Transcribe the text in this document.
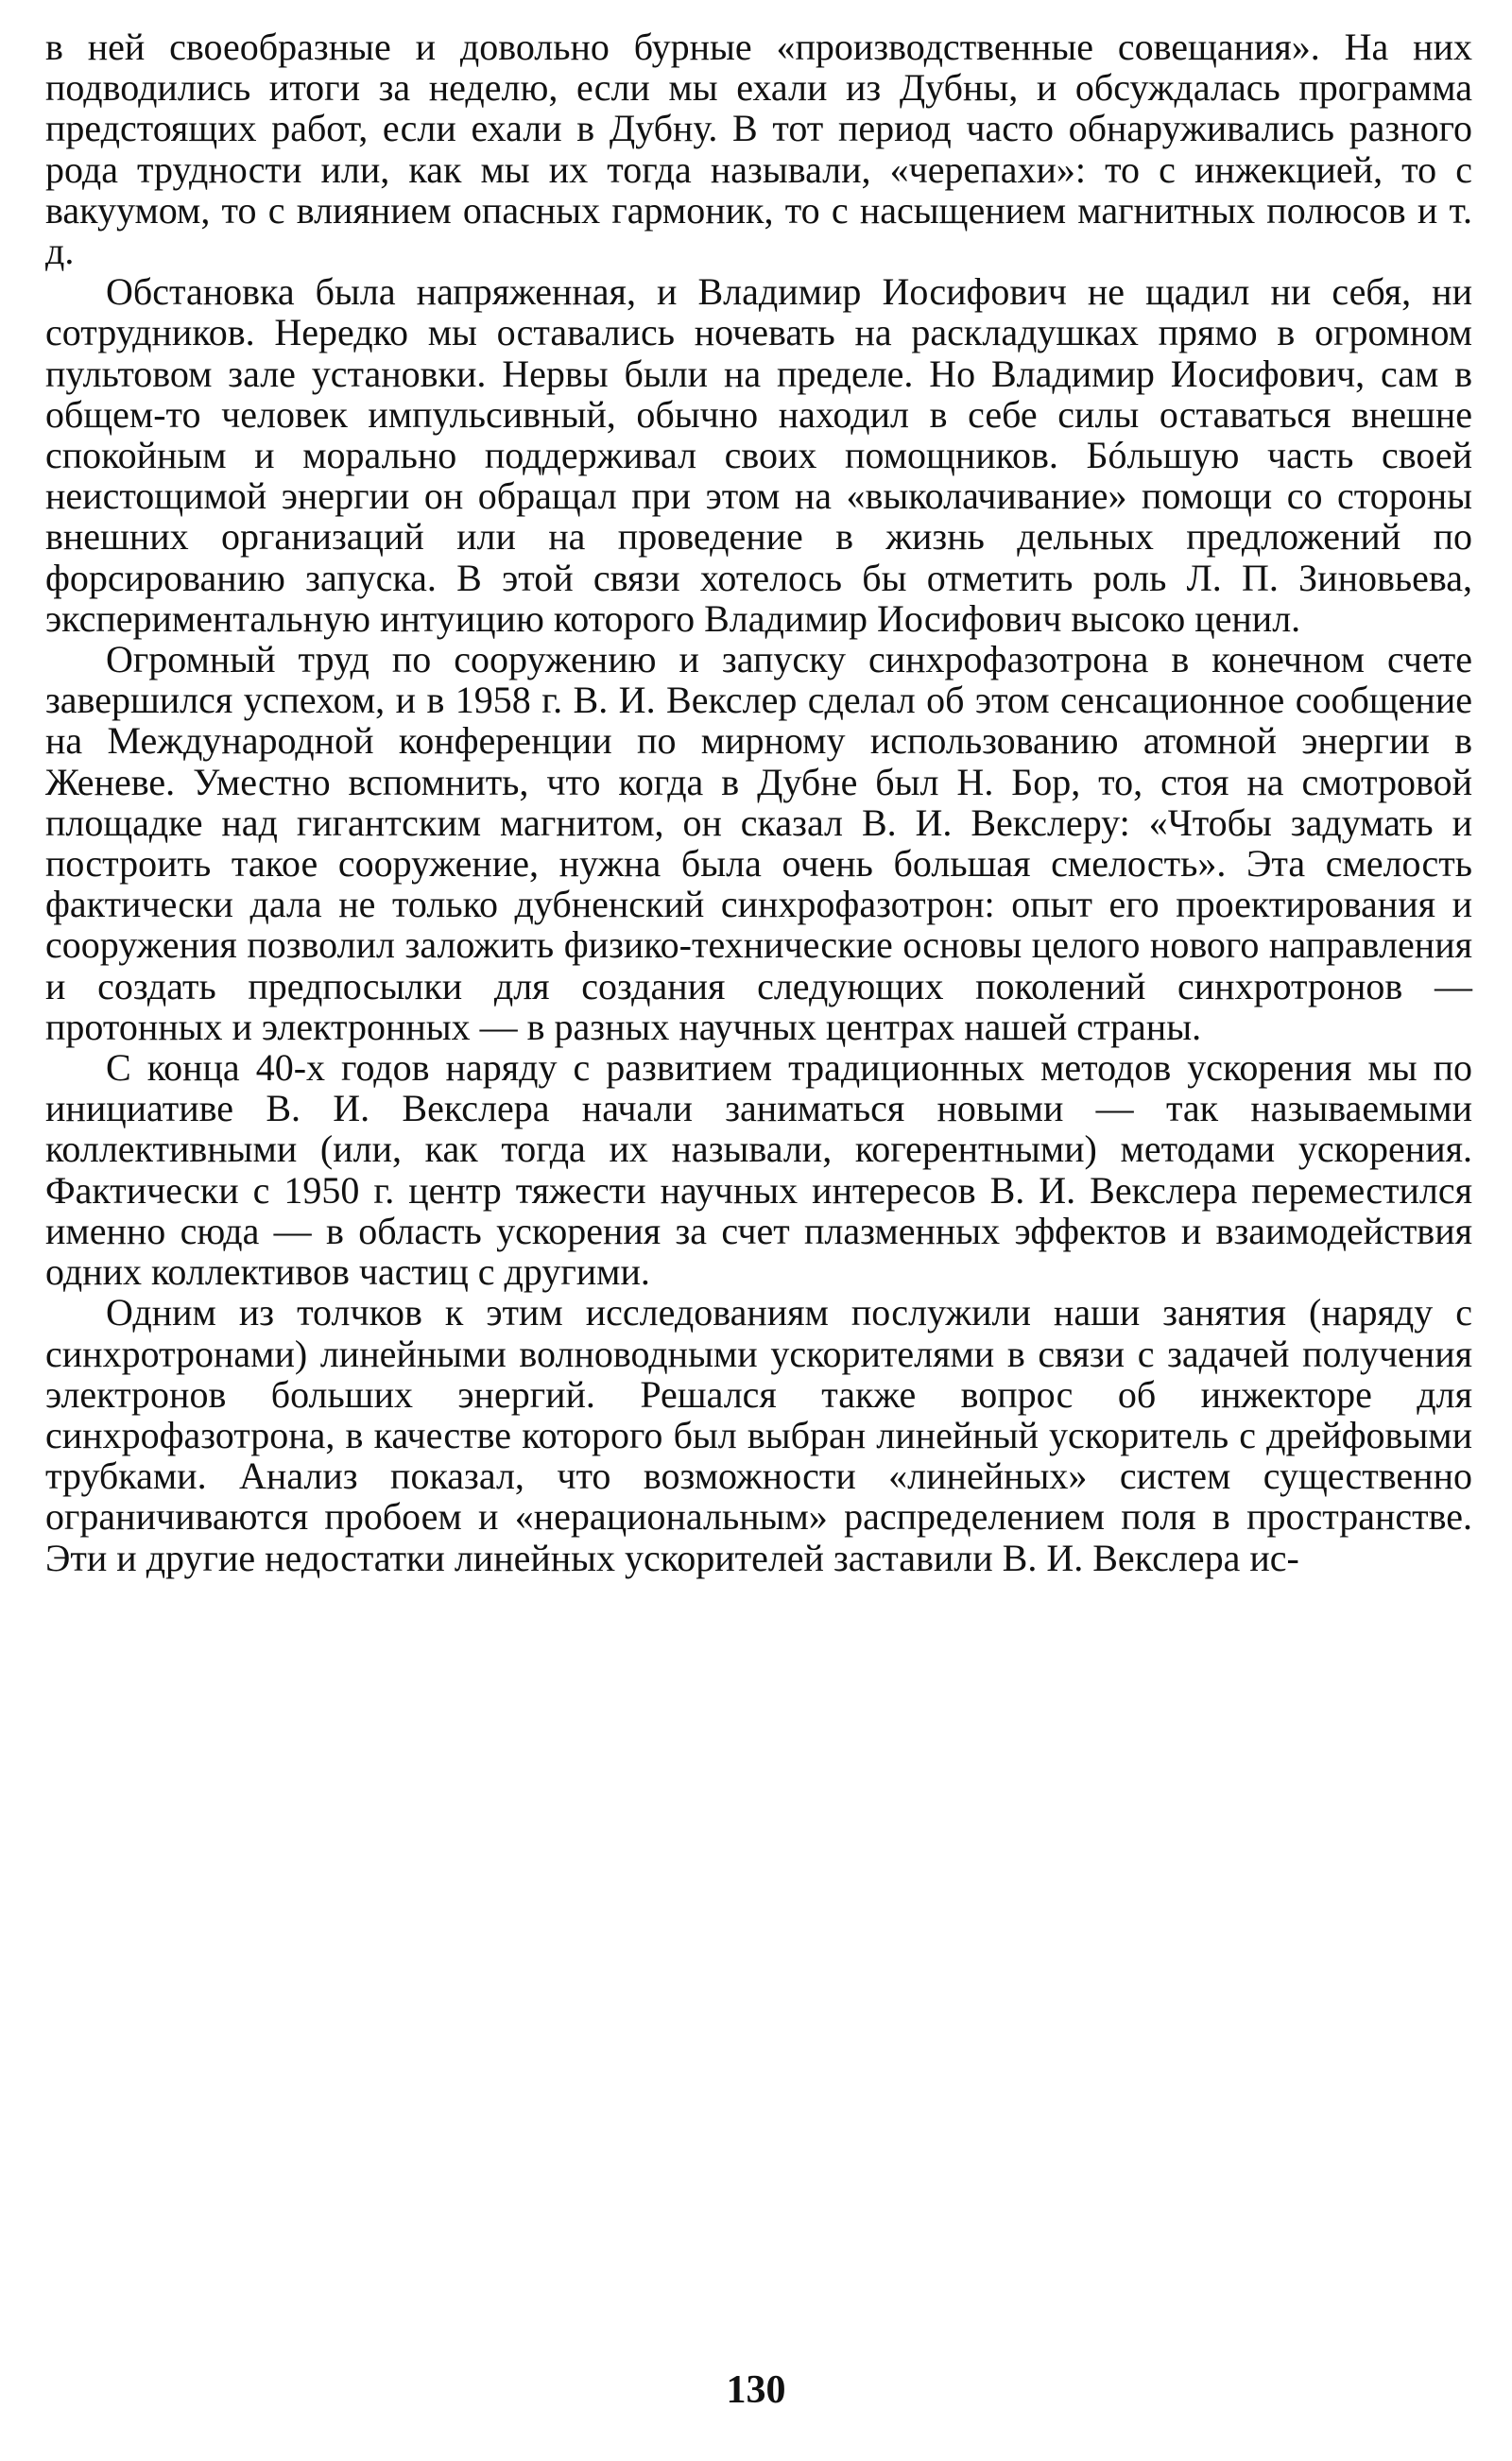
в ней своеобразные и довольно бурные «производственные совещания». На них подводились итоги за неделю, если мы ехали из Дубны, и обсуждалась программа предстоящих работ, если ехали в Дубну. В тот период часто обнаруживались разного рода трудности или, как мы их тогда называли, «черепахи»: то с инжекцией, то с вакуумом, то с влиянием опасных гармоник, то с насыщением магнитных полюсов и т. д.

Обстановка была напряженная, и Владимир Иосифович не щадил ни себя, ни сотрудников. Нередко мы оставались ночевать на раскладушках прямо в огромном пультовом зале установки. Нервы были на пределе. Но Владимир Иосифович, сам в общем-то человек импульсивный, обычно находил в себе силы оставаться внешне спокойным и морально поддерживал своих помощников. Бóльшую часть своей неистощимой энергии он обращал при этом на «выколачивание» помощи со стороны внешних организаций или на проведение в жизнь дельных предложений по форсированию запуска. В этой связи хотелось бы отметить роль Л. П. Зиновьева, экспериментальную интуицию которого Владимир Иосифович высоко ценил.

Огромный труд по сооружению и запуску синхрофазотрона в конечном счете завершился успехом, и в 1958 г. В. И. Векслер сделал об этом сенсационное сообщение на Международной конференции по мирному использованию атомной энергии в Женеве. Уместно вспомнить, что когда в Дубне был Н. Бор, то, стоя на смотровой площадке над гигантским магнитом, он сказал В. И. Векслеру: «Чтобы задумать и построить такое сооружение, нужна была очень большая смелость». Эта смелость фактически дала не только дубненский синхрофазотрон: опыт его проектирования и сооружения позволил заложить физико-технические основы целого нового направления и создать предпосылки для создания следующих поколений синхротронов — протонных и электронных — в разных научных центрах нашей страны.

С конца 40-х годов наряду с развитием традиционных методов ускорения мы по инициативе В. И. Векслера начали заниматься новыми — так называемыми коллективными (или, как тогда их называли, когерентными) методами ускорения. Фактически с 1950 г. центр тяжести научных интересов В. И. Векслера переместился именно сюда — в область ускорения за счет плазменных эффектов и взаимодействия одних коллективов частиц с другими.

Одним из толчков к этим исследованиям послужили наши занятия (наряду с синхротронами) линейными волноводными ускорителями в связи с задачей получения электронов больших энергий. Решался также вопрос об инжекторе для синхрофазотрона, в качестве которого был выбран линейный ускоритель с дрейфовыми трубками. Анализ показал, что возможности «линейных» систем существенно ограничиваются пробоем и «нерациональным» распределением поля в пространстве. Эти и другие недостатки линейных ускорителей заставили В. И. Векслера ис-

130
